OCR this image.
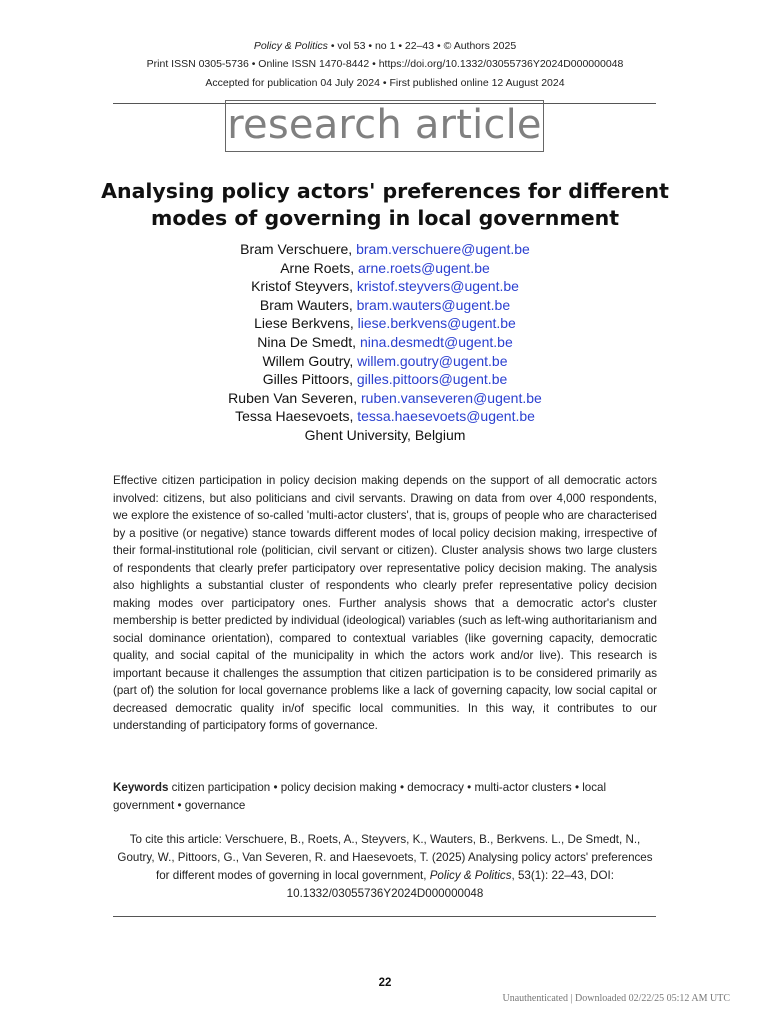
Policy & Politics • vol 53 • no 1 • 22–43 • © Authors 2025
Print ISSN 0305-5736 • Online ISSN 1470-8442 • https://doi.org/10.1332/03055736Y2024D000000048
Accepted for publication 04 July 2024 • First published online 12 August 2024
research article
Analysing policy actors' preferences for different
modes of governing in local government
Bram Verschuere, bram.verschuere@ugent.be
Arne Roets, arne.roets@ugent.be
Kristof Steyvers, kristof.steyvers@ugent.be
Bram Wauters, bram.wauters@ugent.be
Liese Berkvens, liese.berkvens@ugent.be
Nina De Smedt, nina.desmedt@ugent.be
Willem Goutry, willem.goutry@ugent.be
Gilles Pittoors, gilles.pittoors@ugent.be
Ruben Van Severen, ruben.vanseveren@ugent.be
Tessa Haesevoets, tessa.haesevoets@ugent.be
Ghent University, Belgium
Effective citizen participation in policy decision making depends on the support of all democratic actors involved: citizens, but also politicians and civil servants. Drawing on data from over 4,000 respondents, we explore the existence of so-called 'multi-actor clusters', that is, groups of people who are characterised by a positive (or negative) stance towards different modes of local policy decision making, irrespective of their formal-institutional role (politician, civil servant or citizen). Cluster analysis shows two large clusters of respondents that clearly prefer participatory over representative policy decision making. The analysis also highlights a substantial cluster of respondents who clearly prefer representative policy decision making modes over participatory ones. Further analysis shows that a democratic actor's cluster membership is better predicted by individual (ideological) variables (such as left-wing authoritarianism and social dominance orientation), compared to contextual variables (like governing capacity, democratic quality, and social capital of the municipality in which the actors work and/or live). This research is important because it challenges the assumption that citizen participation is to be considered primarily as (part of) the solution for local governance problems like a lack of governing capacity, low social capital or decreased democratic quality in/of specific local communities. In this way, it contributes to our understanding of participatory forms of governance.
Keywords citizen participation • policy decision making • democracy • multi-actor clusters • local government • governance
To cite this article: Verschuere, B., Roets, A., Steyvers, K., Wauters, B., Berkvens. L., De Smedt, N., Goutry, W., Pittoors, G., Van Severen, R. and Haesevoets, T. (2025) Analysing policy actors' preferences for different modes of governing in local government, Policy & Politics, 53(1): 22–43, DOI: 10.1332/03055736Y2024D000000048
22
Unauthenticated | Downloaded 02/22/25 05:12 AM UTC
